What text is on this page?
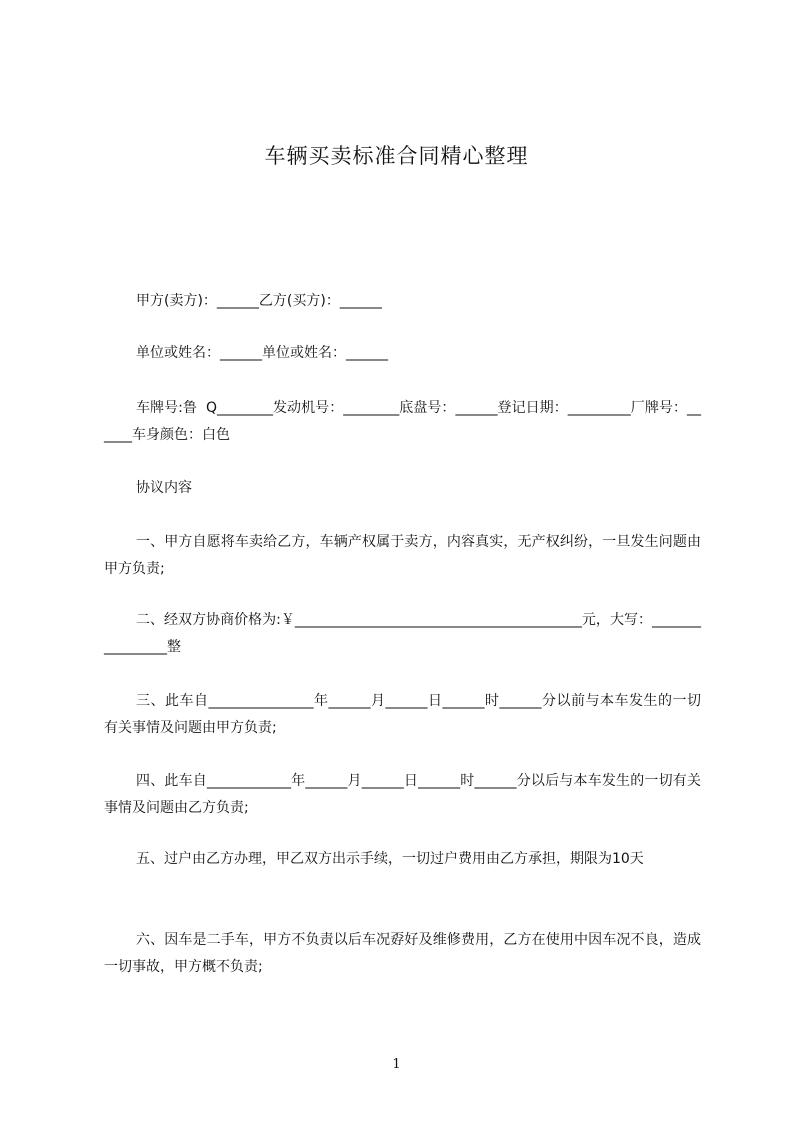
车辆买卖标准合同精心整理
甲方(卖方)：______乙方(买方)：______
单位或姓名：______单位或姓名：______
车牌号:鲁  Q________发动机号：________底盘号：______登记日期：_________厂牌号：______车身颜色：白色
协议内容
一、甲方自愿将车卖给乙方，车辆产权属于卖方，内容真实，无产权纠纷，一旦发生问题由甲方负责;
二、经双方协商价格为:￥_________________________________________元，大写：________________整
三、此车自_______________年______月______日______时______分以前与本车发生的一切有关事情及问题由甲方负责;
四、此车自____________年______月______日______时______分以后与本车发生的一切有关事情及问题由乙方负责;
五、过户由乙方办理，甲乙双方出示手续，一切过户费用由乙方承担，期限为10天
六、因车是二手车，甲方不负责以后车况孬好及维修费用，乙方在使用中因车况不良，造成一切事故，甲方概不负责;
1
